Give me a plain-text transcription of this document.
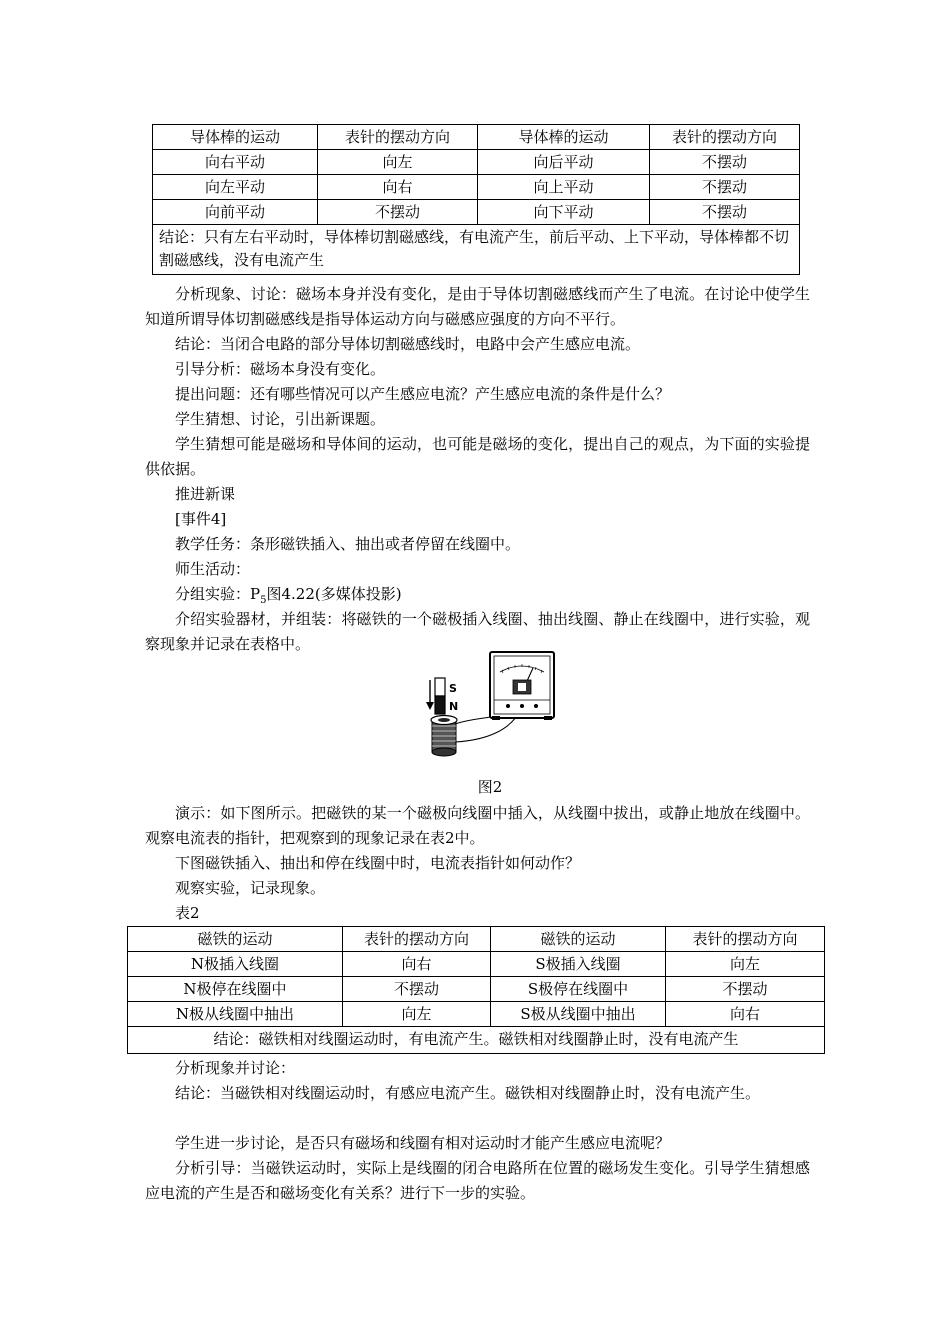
导体棒的运动	表针的摆动方向	导体棒的运动	表针的摆动方向
向右平动	向左	向后平动	不摆动
向左平动	向右	向上平动	不摆动
向前平动	不摆动	向下平动	不摆动
结论：只有左右平动时，导体棒切割磁感线，有电流产生，前后平动、上下平动，导体棒都不切割磁感线，没有电流产生			

分析现象、讨论：磁场本身并没有变化，是由于导体切割磁感线而产生了电流。在讨论中使学生知道所谓导体切割磁感线是指导体运动方向与磁感应强度的方向不平行。

结论：当闭合电路的部分导体切割磁感线时，电路中会产生感应电流。

引导分析：磁场本身没有变化。

提出问题：还有哪些情况可以产生感应电流？产生感应电流的条件是什么？

学生猜想、讨论，引出新课题。

学生猜想可能是磁场和导体间的运动，也可能是磁场的变化，提出自己的观点，为下面的实验提供依据。

推进新课

[事件4]

教学任务：条形磁铁插入、抽出或者停留在线圈中。

师生活动：

分组实验：$P_5$图4.22(多媒体投影)

介绍实验器材，并组装：将磁铁的一个磁极插入线圈、抽出线圈、静止在线圈中，进行实验，观察现象并记录在表格中。

S
N
图2

演示：如下图所示。把磁铁的某一个磁极向线圈中插入，从线圈中拔出，或静止地放在线圈中。观察电流表的指针，把观察到的现象记录在表2中。

下图磁铁插入、抽出和停在线圈中时，电流表指针如何动作？

观察实验，记录现象。

表2

磁铁的运动	表针的摆动方向	磁铁的运动	表针的摆动方向
N极插入线圈	向右	S极插入线圈	向左
N极停在线圈中	不摆动	S极停在线圈中	不摆动
N极从线圈中抽出	向左	S极从线圈中抽出	向右
结论：磁铁相对线圈运动时，有电流产生。磁铁相对线圈静止时，没有电流产生			

分析现象并讨论：

结论：当磁铁相对线圈运动时，有感应电流产生。磁铁相对线圈静止时，没有电流产生。

学生进一步讨论，是否只有磁场和线圈有相对运动时才能产生感应电流呢？

分析引导：当磁铁运动时，实际上是线圈的闭合电路所在位置的磁场发生变化。引导学生猜想感应电流的产生是否和磁场变化有关系？进行下一步的实验。
